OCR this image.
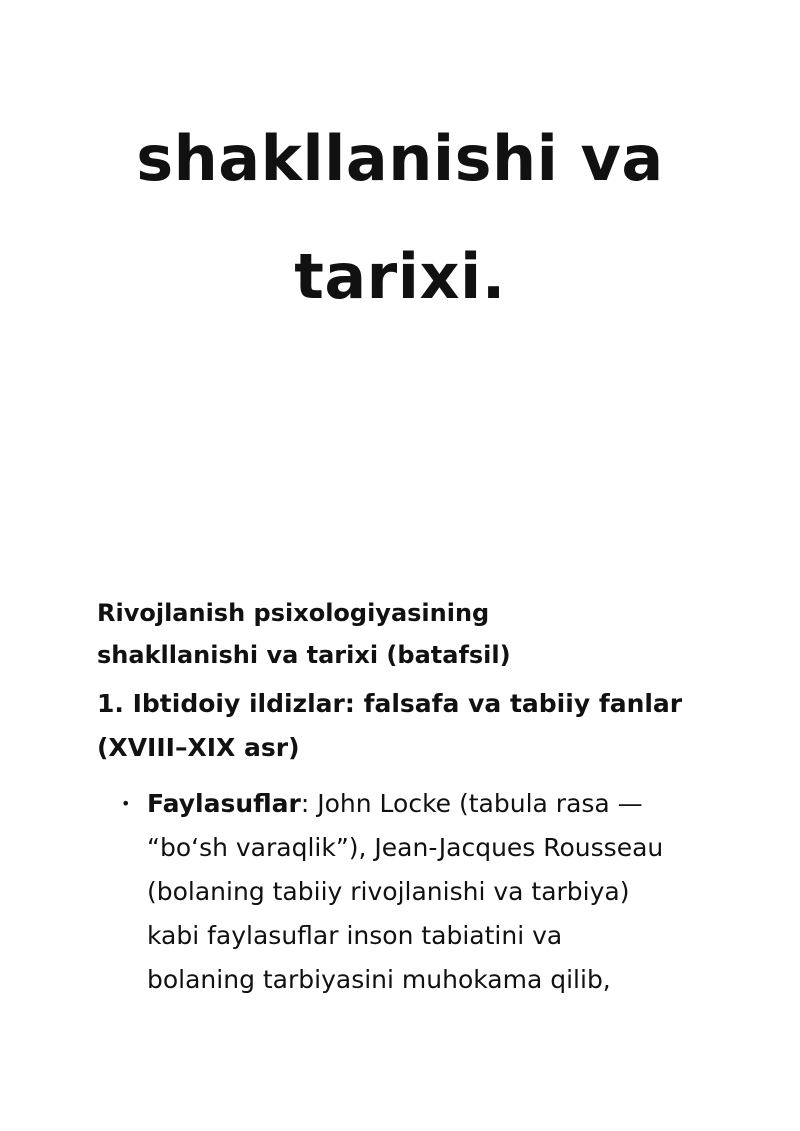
shakllanishi va

tarixi.

Rivojlanish psixologiyasining
shakllanishi va tarixi (batafsil)

1. Ibtidoiy ildizlar: falsafa va tabiiy fanlar
(XVIII–XIX asr)

• Faylasuflar: John Locke (tabula rasa —
“bo‘sh varaqlik”), Jean-Jacques Rousseau
(bolaning tabiiy rivojlanishi va tarbiya)
kabi faylasuflar inson tabiatini va
bolaning tarbiyasini muhokama qilib,
